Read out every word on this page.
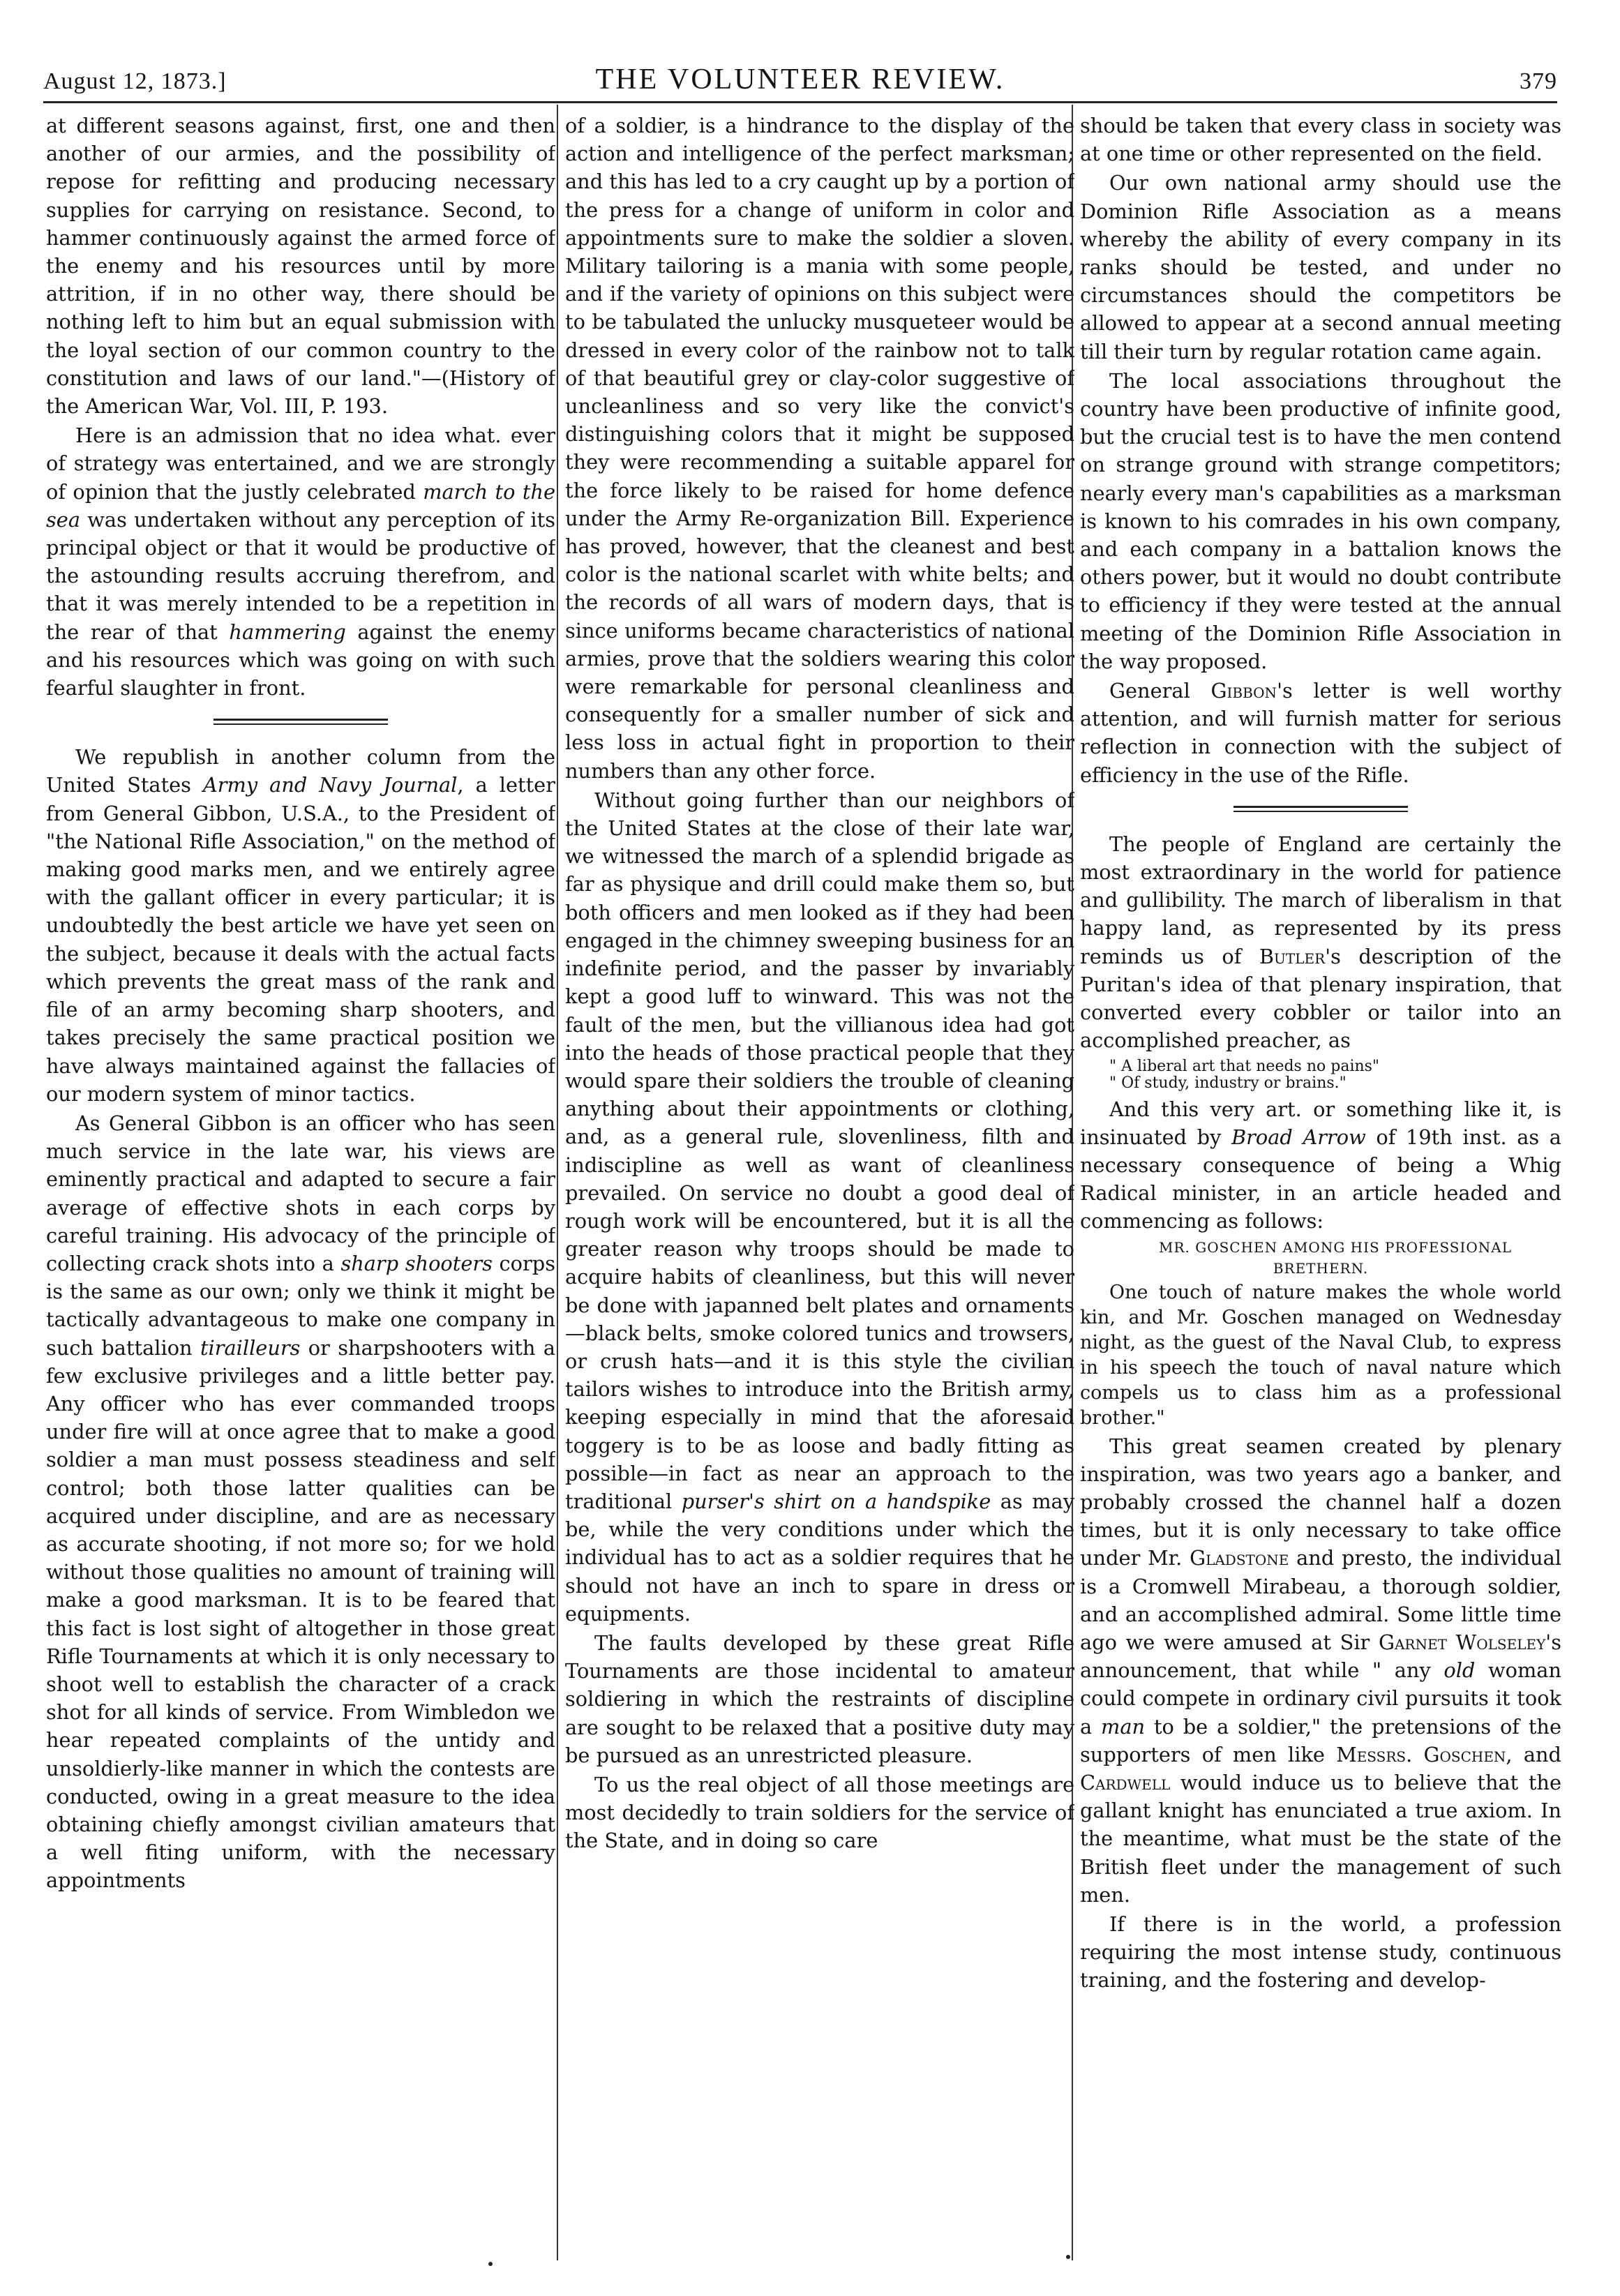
August 12, 1873.]	THE VOLUNTEER REVIEW.	379

at different seasons against, first, one and then another of our armies, and the possibility of repose for refitting and producing necessary supplies for carrying on resistance. Second, to hammer continuously against the armed force of the enemy and his resources until by more attrition, if in no other way, there should be nothing left to him but an equal submission with the loyal section of our common country to the constitution and laws of our land."—(History of the American War, Vol. III, P. 193.

Here is an admission that no idea what. ever of strategy was entertained, and we are strongly of opinion that the justly celebrated march to the sea was undertaken without any perception of its principal object or that it would be productive of the astounding results accruing therefrom, and that it was merely intended to be a repetition in the rear of that hammering against the enemy and his resources which was going on with such fearful slaughter in front.

We republish in another column from the United States Army and Navy Journal, a letter from General Gibbon, U.S.A., to the President of "the National Rifle Association," on the method of making good marks men, and we entirely agree with the gallant officer in every particular; it is undoubtedly the best article we have yet seen on the subject, because it deals with the actual facts which prevents the great mass of the rank and file of an army becoming sharp shooters, and takes precisely the same practical position we have always maintained against the fallacies of our modern system of minor tactics.

As General Gibbon is an officer who has seen much service in the late war, his views are eminently practical and adapted to secure a fair average of effective shots in each corps by careful training. His advocacy of the principle of collecting crack shots into a sharp shooters corps is the same as our own; only we think it might be tactically advantageous to make one company in such battalion tirailleurs or sharpshooters with a few exclusive privileges and a little better pay. Any officer who has ever commanded troops under fire will at once agree that to make a good soldier a man must possess steadiness and self control; both those latter qualities can be acquired under discipline, and are as necessary as accurate shooting, if not more so; for we hold without those qualities no amount of training will make a good marksman. It is to be feared that this fact is lost sight of altogether in those great Rifle Tournaments at which it is only necessary to shoot well to establish the character of a crack shot for all kinds of service. From Wimbledon we hear repeated complaints of the untidy and unsoldierly-like manner in which the contests are conducted, owing in a great measure to the idea obtaining chiefly amongst civilian amateurs that a well fiting uniform, with the necessary appointments

of a soldier, is a hindrance to the display of the action and intelligence of the perfect marksman; and this has led to a cry caught up by a portion of the press for a change of uniform in color and appointments sure to make the soldier a sloven. Military tailoring is a mania with some people, and if the variety of opinions on this subject were to be tabulated the unlucky musqueteer would be dressed in every color of the rainbow not to talk of that beautiful grey or clay-color suggestive of uncleanliness and so very like the convict's distinguishing colors that it might be supposed they were recommending a suitable apparel for the force likely to be raised for home defence under the Army Re-organization Bill. Experience has proved, however, that the cleanest and best color is the national scarlet with white belts; and the records of all wars of modern days, that is since uniforms became characteristics of national armies, prove that the soldiers wearing this color were remarkable for personal cleanliness and consequently for a smaller number of sick and less loss in actual fight in proportion to their numbers than any other force.

Without going further than our neighbors of the United States at the close of their late war, we witnessed the march of a splendid brigade as far as physique and drill could make them so, but both officers and men looked as if they had been engaged in the chimney sweeping business for an indefinite period, and the passer by invariably kept a good luff to winward. This was not the fault of the men, but the villianous idea had got into the heads of those practical people that they would spare their soldiers the trouble of cleaning anything about their appointments or clothing, and, as a general rule, slovenliness, filth and indiscipline as well as want of cleanliness prevailed. On service no doubt a good deal of rough work will be encountered, but it is all the greater reason why troops should be made to acquire habits of cleanliness, but this will never be done with japanned belt plates and ornaments—black belts, smoke colored tunics and trowsers, or crush hats—and it is this style the civilian tailors wishes to introduce into the British army, keeping especially in mind that the aforesaid toggery is to be as loose and badly fitting as possible—in fact as near an approach to the traditional purser's shirt on a handspike as may be, while the very conditions under which the individual has to act as a soldier requires that he should not have an inch to spare in dress or equipments.

The faults developed by these great Rifle Tournaments are those incidental to amateur soldiering in which the restraints of discipline are sought to be relaxed that a positive duty may be pursued as an unrestricted pleasure.

To us the real object of all those meetings are most decidedly to train soldiers for the service of the State, and in doing so care

should be taken that every class in society was at one time or other represented on the field.

Our own national army should use the Dominion Rifle Association as a means whereby the ability of every company in its ranks should be tested, and under no circumstances should the competitors be allowed to appear at a second annual meeting till their turn by regular rotation came again.

The local associations throughout the country have been productive of infinite good, but the crucial test is to have the men contend on strange ground with strange competitors; nearly every man's capabilities as a marksman is known to his comrades in his own company, and each company in a battalion knows the others power, but it would no doubt contribute to efficiency if they were tested at the annual meeting of the Dominion Rifle Association in the way proposed.

General Gibbon's letter is well worthy attention, and will furnish matter for serious reflection in connection with the subject of efficiency in the use of the Rifle.

The people of England are certainly the most extraordinary in the world for patience and gullibility. The march of liberalism in that happy land, as represented by its press reminds us of Butler's description of the Puritan's idea of that plenary inspiration, that converted every cobbler or tailor into an accomplished preacher, as

" A liberal art that needs no pains"

" Of study, industry or brains."

And this very art. or something like it, is insinuated by Broad Arrow of 19th inst. as a necessary consequence of being a Whig Radical minister, in an article headed and commencing as follows:

MR. GOSCHEN AMONG HIS PROFESSIONAL BRETHERN.

One touch of nature makes the whole world kin, and Mr. Goschen managed on Wednesday night, as the guest of the Naval Club, to express in his speech the touch of naval nature which compels us to class him as a professional brother."

This great seamen created by plenary inspiration, was two years ago a banker, and probably crossed the channel half a dozen times, but it is only necessary to take office under Mr. Gladstone and presto, the individual is a Cromwell Mirabeau, a thorough soldier, and an accomplished admiral. Some little time ago we were amused at Sir Garnet Wolseley's announcement, that while " any old woman could compete in ordinary civil pursuits it took a man to be a soldier," the pretensions of the supporters of men like Messrs. Goschen, and Cardwell would induce us to believe that the gallant knight has enunciated a true axiom. In the meantime, what must be the state of the British fleet under the management of such men.

If there is in the world, a profession requiring the most intense study, continuous training, and the fostering and develop-
